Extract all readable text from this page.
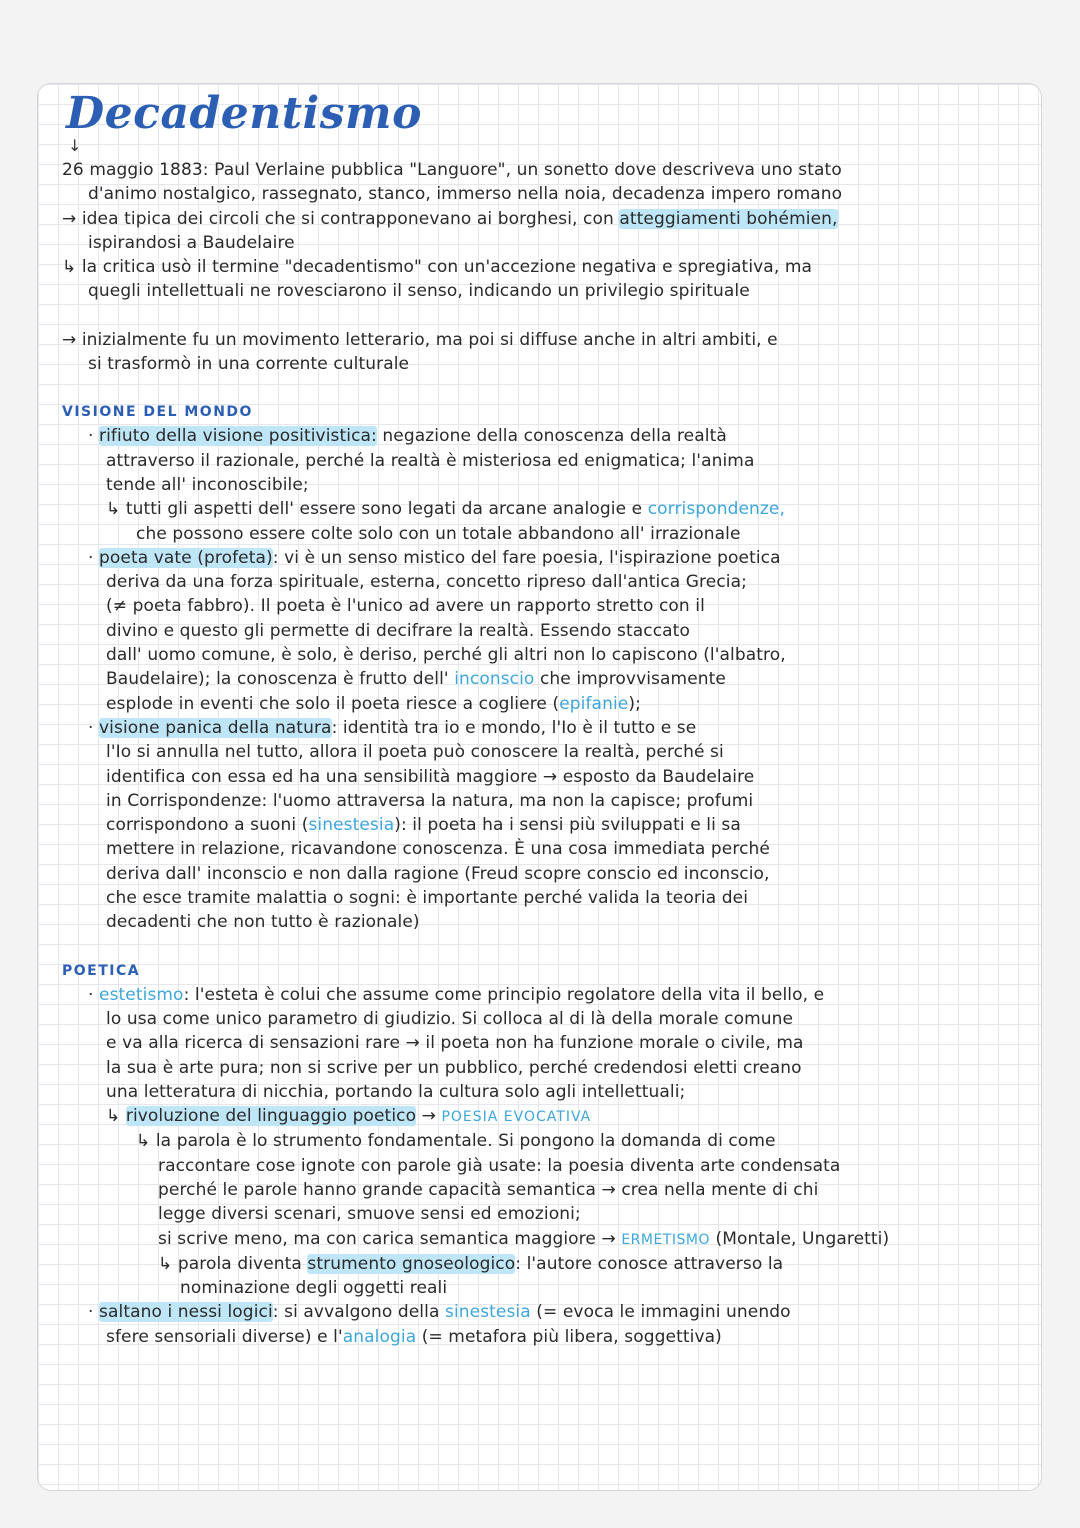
Decadentismo
↓

26 maggio 1883: Paul Verlaine pubblica "Languore", un sonetto dove descriveva uno stato

d'animo nostalgico, rassegnato, stanco, immerso nella noia, decadenza impero romano

→ idea tipica dei circoli che si contrapponevano ai borghesi, con atteggiamenti bohémien,

ispirandosi a Baudelaire

↳ la critica usò il termine "decadentismo" con un'accezione negativa e spregiativa, ma

quegli intellettuali ne rovesciarono il senso, indicando un privilegio spirituale

→ inizialmente fu un movimento letterario, ma poi si diffuse anche in altri ambiti, e

si trasformò in una corrente culturale

VISIONE DEL MONDO

· rifiuto della visione positivistica: negazione della conoscenza della realtà

attraverso il razionale, perché la realtà è misteriosa ed enigmatica; l'anima

tende all' inconoscibile;

↳ tutti gli aspetti dell' essere sono legati da arcane analogie e corrispondenze,

che possono essere colte solo con un totale abbandono all' irrazionale

· poeta vate (profeta): vi è un senso mistico del fare poesia, l'ispirazione poetica

deriva da una forza spirituale, esterna, concetto ripreso dall'antica Grecia;

(≠ poeta fabbro). Il poeta è l'unico ad avere un rapporto stretto con il

divino e questo gli permette di decifrare la realtà. Essendo staccato

dall' uomo comune, è solo, è deriso, perché gli altri non lo capiscono (l'albatro,

Baudelaire); la conoscenza è frutto dell' inconscio che improvvisamente

esplode in eventi che solo il poeta riesce a cogliere (epifanie);

· visione panica della natura: identità tra io e mondo, l'Io è il tutto e se

l'Io si annulla nel tutto, allora il poeta può conoscere la realtà, perché si

identifica con essa ed ha una sensibilità maggiore → esposto da Baudelaire

in Corrispondenze: l'uomo attraversa la natura, ma non la capisce; profumi

corrispondono a suoni (sinestesia): il poeta ha i sensi più sviluppati e li sa

mettere in relazione, ricavandone conoscenza. È una cosa immediata perché

deriva dall' inconscio e non dalla ragione (Freud scopre conscio ed inconscio,

che esce tramite malattia o sogni: è importante perché valida la teoria dei

decadenti che non tutto è razionale)

POETICA

· estetismo: l'esteta è colui che assume come principio regolatore della vita il bello, e

lo usa come unico parametro di giudizio. Si colloca al di là della morale comune

e va alla ricerca di sensazioni rare → il poeta non ha funzione morale o civile, ma

la sua è arte pura; non si scrive per un pubblico, perché credendosi eletti creano

una letteratura di nicchia, portando la cultura solo agli intellettuali;

↳ rivoluzione del linguaggio poetico → POESIA EVOCATIVA

↳ la parola è lo strumento fondamentale. Si pongono la domanda di come

raccontare cose ignote con parole già usate: la poesia diventa arte condensata

perché le parole hanno grande capacità semantica → crea nella mente di chi

legge diversi scenari, smuove sensi ed emozioni;

si scrive meno, ma con carica semantica maggiore → ERMETISMO (Montale, Ungaretti)

↳ parola diventa strumento gnoseologico: l'autore conosce attraverso la

nominazione degli oggetti reali

· saltano i nessi logici: si avvalgono della sinestesia (= evoca le immagini unendo

sfere sensoriali diverse) e l'analogia (= metafora più libera, soggettiva)
